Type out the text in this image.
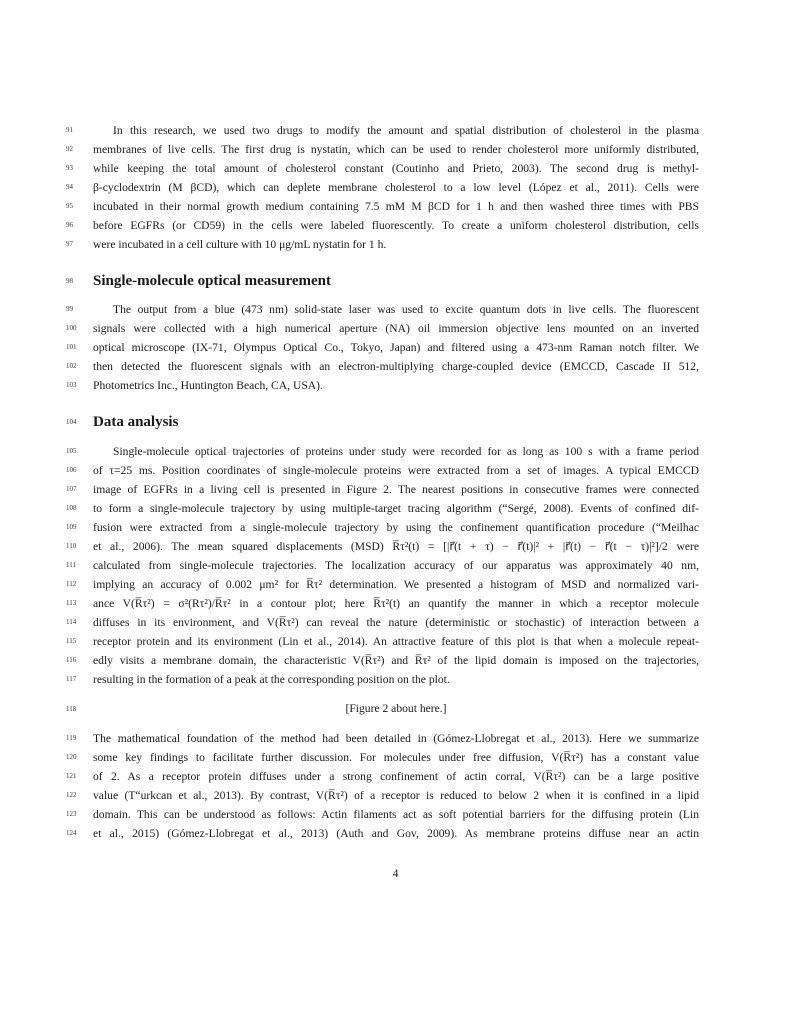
91	In this research, we used two drugs to modify the amount and spatial distribution of cholesterol in the plasma
92	membranes of live cells. The first drug is nystatin, which can be used to render cholesterol more uniformly distributed,
93	while keeping the total amount of cholesterol constant (Coutinho and Prieto, 2003). The second drug is methyl-
94	β-cyclodextrin (M βCD), which can deplete membrane cholesterol to a low level (López et al., 2011). Cells were
95	incubated in their normal growth medium containing 7.5 mM M βCD for 1 h and then washed three times with PBS
96	before EGFRs (or CD59) in the cells were labeled fluorescently. To create a uniform cholesterol distribution, cells
97	were incubated in a cell culture with 10 μg/mL nystatin for 1 h.
98	Single-molecule optical measurement
99	The output from a blue (473 nm) solid-state laser was used to excite quantum dots in live cells. The fluorescent
100	signals were collected with a high numerical aperture (NA) oil immersion objective lens mounted on an inverted
101	optical microscope (IX-71, Olympus Optical Co., Tokyo, Japan) and filtered using a 473-nm Raman notch filter. We
102	then detected the fluorescent signals with an electron-multiplying charge-coupled device (EMCCD, Cascade II 512,
103	Photometrics Inc., Huntington Beach, CA, USA).
104	Data analysis
105	Single-molecule optical trajectories of proteins under study were recorded for as long as 100 s with a frame period
106	of τ=25 ms. Position coordinates of single-molecule proteins were extracted from a set of images. A typical EMCCD
107	image of EGFRs in a living cell is presented in Figure 2. The nearest positions in consecutive frames were connected
108	to form a single-molecule trajectory by using multiple-target tracing algorithm (“Sergé, 2008). Events of confined dif-
109	fusion were extracted from a single-molecule trajectory by using the confinement quantification procedure (“Meilhac
110	et al., 2006). The mean squared displacements (MSD) R̅τ²(t) = [|r⃗(t + τ) − r⃗(t)|² + |r⃗(t) − r⃗(t − τ)|²]/2 were
111	calculated from single-molecule trajectories. The localization accuracy of our apparatus was approximately 40 nm,
112	implying an accuracy of 0.002 μm² for R̅τ² determination. We presented a histogram of MSD and normalized vari-
113	ance V(R̅τ²) = σ²(Rτ²)/R̅τ² in a contour plot; here R̅τ²(t) an quantify the manner in which a receptor molecule
114	diffuses in its environment, and V(R̅τ²) can reveal the nature (deterministic or stochastic) of interaction between a
115	receptor protein and its environment (Lin et al., 2014). An attractive feature of this plot is that when a molecule repeat-
116	edly visits a membrane domain, the characteristic V(R̅τ²) and R̅τ² of the lipid domain is imposed on the trajectories,
117	resulting in the formation of a peak at the corresponding position on the plot.
118	[Figure 2 about here.]
119	The mathematical foundation of the method had been detailed in (Gómez-Llobregat et al., 2013). Here we summarize
120	some key findings to facilitate further discussion. For molecules under free diffusion, V(R̅τ²) has a constant value
121	of 2. As a receptor protein diffuses under a strong confinement of actin corral, V(R̅τ²) can be a large positive
122	value (T“urkcan et al., 2013). By contrast, V(R̅τ²) of a receptor is reduced to below 2 when it is confined in a lipid
123	domain. This can be understood as follows: Actin filaments act as soft potential barriers for the diffusing protein (Lin
124	et al., 2015) (Gómez-Llobregat et al., 2013) (Auth and Gov, 2009). As membrane proteins diffuse near an actin
4
